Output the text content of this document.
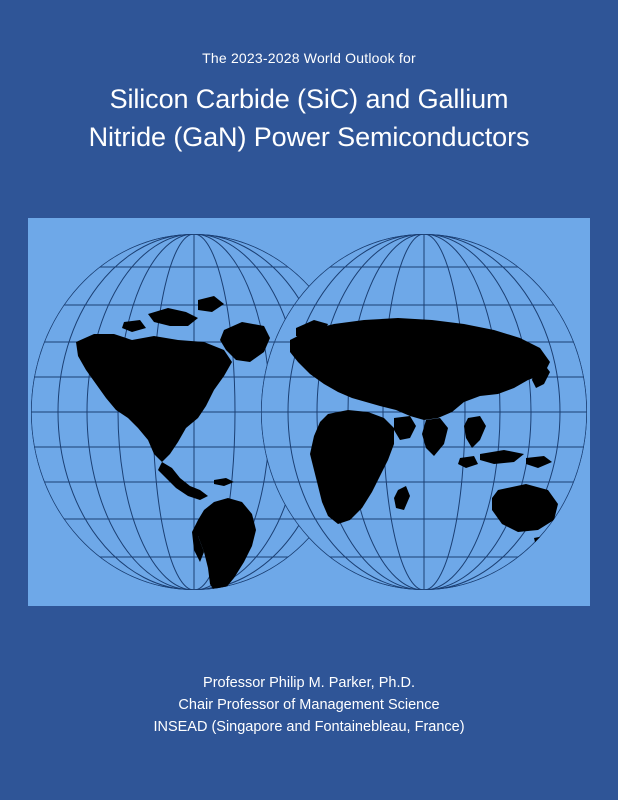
The 2023-2028 World Outlook for
Silicon Carbide (SiC) and Gallium
Nitride (GaN) Power Semiconductors
Professor Philip M. Parker, Ph.D.
Chair Professor of Management Science
INSEAD (Singapore and Fontainebleau, France)
